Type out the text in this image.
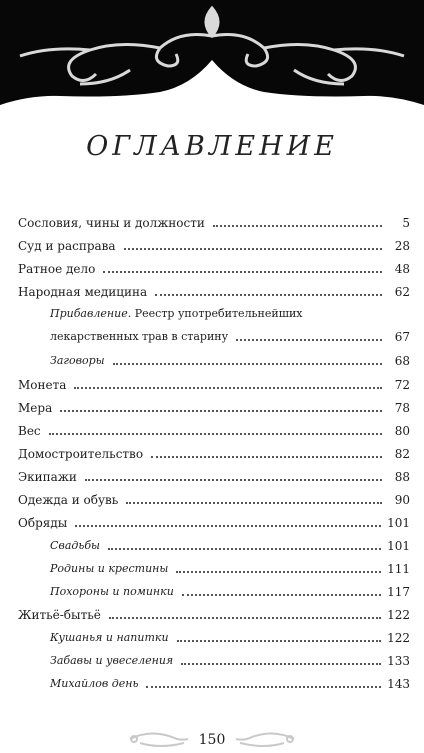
ОГЛАВЛЕНИЕ
Сословия, чины и должности	5
Суд и расправа	28
Ратное дело	48
Народная медицина	62
Прибавление. Реестр употребительнейших
лекарственных трав в старину	67
Заговоры	68
Монета	72
Мера	78
Вес	80
Домостроительство	82
Экипажи	88
Одежда и обувь	90
Обряды	101
Свадьбы	101
Родины и крестины	111
Похороны и поминки	117
Житьё-бытьё	122
Кушанья и напитки	122
Забавы и увеселения	133
Михайлов день	143
150
